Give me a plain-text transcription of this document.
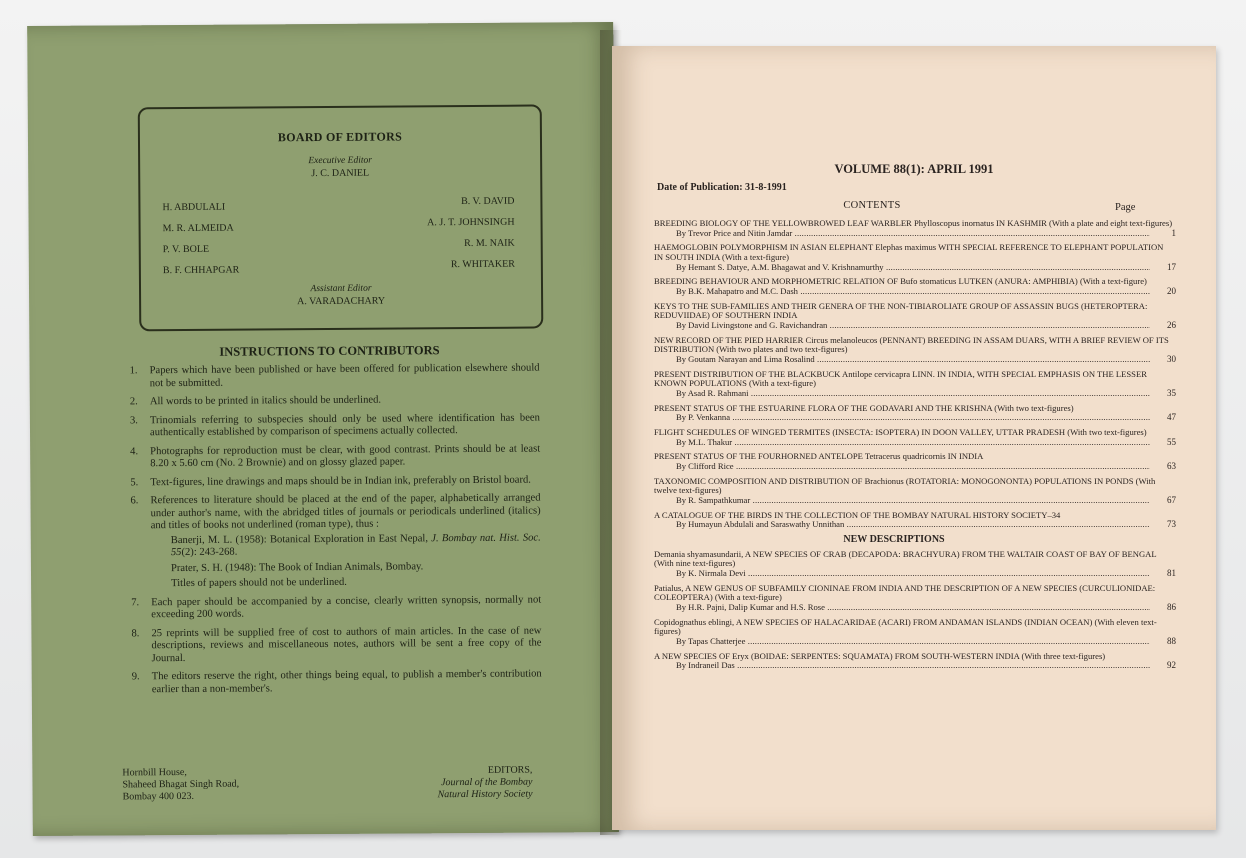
BOARD OF EDITORS
Executive Editor
J. C. DANIEL
H. ABDULALI
M. R. ALMEIDA
P. V. BOLE
B. F. CHHAPGAR
B. V. DAVID
A. J. T. JOHNSINGH
R. M. NAIK
R. WHITAKER
Assistant Editor
A. VARADACHARY
INSTRUCTIONS TO CONTRIBUTORS
1. Papers which have been published or have been offered for publication elsewhere should not be submitted.
2. All words to be printed in italics should be underlined.
3. Trinomials referring to subspecies should only be used where identification has been authentically established by comparison of specimens actually collected.
4. Photographs for reproduction must be clear, with good contrast. Prints should be at least 8.20 x 5.60 cm (No. 2 Brownie) and on glossy glazed paper.
5. Text-figures, line drawings and maps should be in Indian ink, preferably on Bristol board.
6. References to literature should be placed at the end of the paper, alphabetically arranged under author's name, with the abridged titles of journals or periodicals underlined (italics) and titles of books not underlined (roman type), thus :
Banerji, M. L. (1958): Botanical Exploration in East Nepal, J. Bombay nat. Hist. Soc. 55(2): 243-268.
Prater, S. H. (1948): The Book of Indian Animals, Bombay.
Titles of papers should not be underlined.
7. Each paper should be accompanied by a concise, clearly written synopsis, normally not exceeding 200 words.
8. 25 reprints will be supplied free of cost to authors of main articles. In the case of new descriptions, reviews and miscellaneous notes, authors will be sent a free copy of the Journal.
9. The editors reserve the right, other things being equal, to publish a member's contribution earlier than a non-member's.
Hornbill House,
Shaheed Bhagat Singh Road,
Bombay 400 023.
EDITORS,
Journal of the Bombay
Natural History Society
VOLUME 88(1): APRIL 1991
Date of Publication: 31-8-1991
CONTENTS	Page
BREEDING BIOLOGY OF THE YELLOWBROWED LEAF WARBLER Phylloscopus inornatus IN KASHMIR (With a plate and eight text-figures)
By Trevor Price and Nitin Jamdar .....	1
HAEMOGLOBIN POLYMORPHISM IN ASIAN ELEPHANT Elephas maximus WITH SPECIAL REFERENCE TO ELEPHANT POPULATION IN SOUTH INDIA (With a text-figure)
By Hemant S. Datye, A.M. Bhagawat and V. Krishnamurthy .....	17
BREEDING BEHAVIOUR AND MORPHOMETRIC RELATION OF Bufo stomaticus LUTKEN (ANURA: AMPHIBIA) (With a text-figure)
By B.K. Mahapatro and M.C. Dash .....	20
KEYS TO THE SUB-FAMILIES AND THEIR GENERA OF THE NON-TIBIAROLIATE GROUP OF ASSASSIN BUGS (HETEROPTERA: REDUVIIDAE) OF SOUTHERN INDIA
By David Livingstone and G. Ravichandran .....	26
NEW RECORD OF THE PIED HARRIER Circus melanoleucos (PENNANT) BREEDING IN ASSAM DUARS, WITH A BRIEF REVIEW OF ITS DISTRIBUTION (With two plates and two text-figures)
By Goutam Narayan and Lima Rosalind .....	30
PRESENT DISTRIBUTION OF THE BLACKBUCK Antilope cervicapra LINN. IN INDIA, WITH SPECIAL EMPHASIS ON THE LESSER KNOWN POPULATIONS (With a text-figure)
By Asad R. Rahmani .....	35
PRESENT STATUS OF THE ESTUARINE FLORA OF THE GODAVARI AND THE KRISHNA (With two text-figures)
By P. Venkanna .....	47
FLIGHT SCHEDULES OF WINGED TERMITES (INSECTA: ISOPTERA) IN DOON VALLEY, UTTAR PRADESH (With two text-figures)
By M.L. Thakur .....	55
PRESENT STATUS OF THE FOURHORNED ANTELOPE Tetracerus quadricornis IN INDIA
By Clifford Rice .....	63
TAXONOMIC COMPOSITION AND DISTRIBUTION OF Brachionus (ROTATORIA: MONOGONONTA) POPULATIONS IN PONDS (With twelve text-figures)
By R. Sampathkumar .....	67
A CATALOGUE OF THE BIRDS IN THE COLLECTION OF THE BOMBAY NATURAL HISTORY SOCIETY–34
By Humayun Abdulali and Saraswathy Unnithan .....	73
NEW DESCRIPTIONS
Demania shyamasundarii, A NEW SPECIES OF CRAB (DECAPODA: BRACHYURA) FROM THE WALTAIR COAST OF BAY OF BENGAL (With nine text-figures)
By K. Nirmala Devi .....	81
Patialus, A NEW GENUS OF SUBFAMILY CIONINAE FROM INDIA AND THE DESCRIPTION OF A NEW SPECIES (CURCULIONIDAE: COLEOPTERA) (With a text-figure)
By H.R. Pajni, Dalip Kumar and H.S. Rose .....	86
Copidognathus eblingi, A NEW SPECIES OF HALACARIDAE (ACARI) FROM ANDAMAN ISLANDS (INDIAN OCEAN) (With eleven text-figures)
By Tapas Chatterjee .....	88
A NEW SPECIES OF Eryx (BOIDAE: SERPENTES: SQUAMATA) FROM SOUTH-WESTERN INDIA (With three text-figures)
By Indraneil Das .....	92
